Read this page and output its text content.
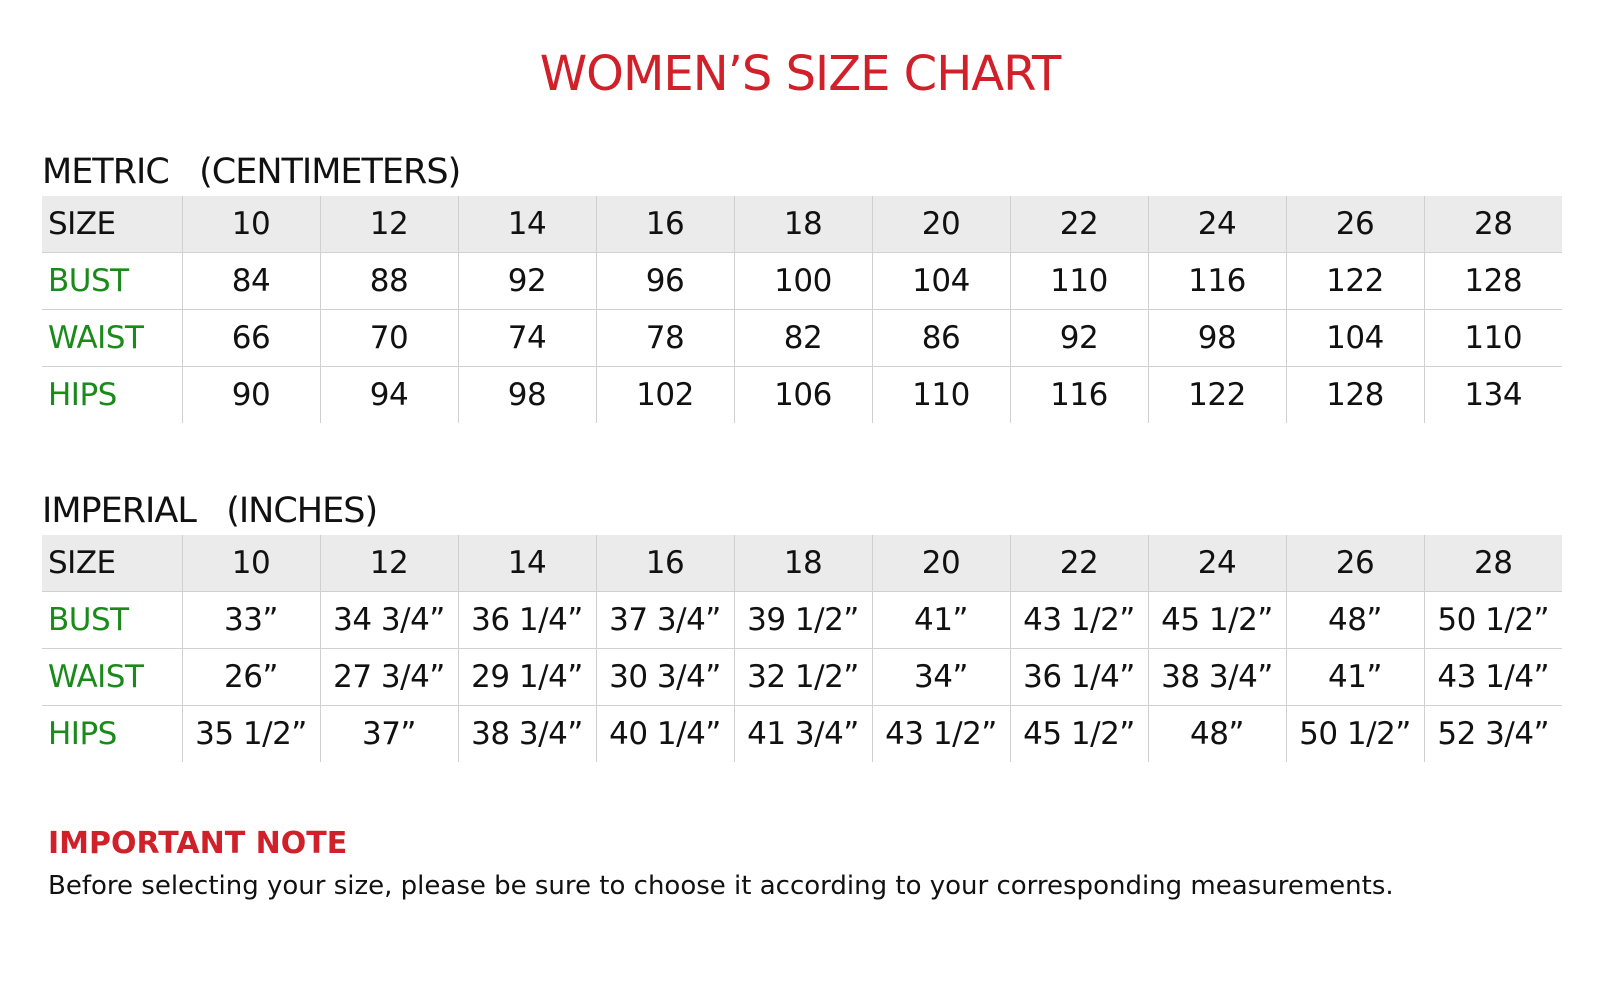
WOMEN’S SIZE CHART
METRIC   (CENTIMETERS)
SIZE	10	12	14	16	18	20	22	24	26	28
BUST	84	88	92	96	100	104	110	116	122	128
WAIST	66	70	74	78	82	86	92	98	104	110
HIPS	90	94	98	102	106	110	116	122	128	134
IMPERIAL   (INCHES)
SIZE	10	12	14	16	18	20	22	24	26	28
BUST	33”	34 3/4”	36 1/4”	37 3/4”	39 1/2”	41”	43 1/2”	45 1/2”	48”	50 1/2”
WAIST	26”	27 3/4”	29 1/4”	30 3/4”	32 1/2”	34”	36 1/4”	38 3/4”	41”	43 1/4”
HIPS	35 1/2”	37”	38 3/4”	40 1/4”	41 3/4”	43 1/2”	45 1/2”	48”	50 1/2”	52 3/4”
IMPORTANT NOTE
Before selecting your size, please be sure to choose it according to your corresponding measurements.
